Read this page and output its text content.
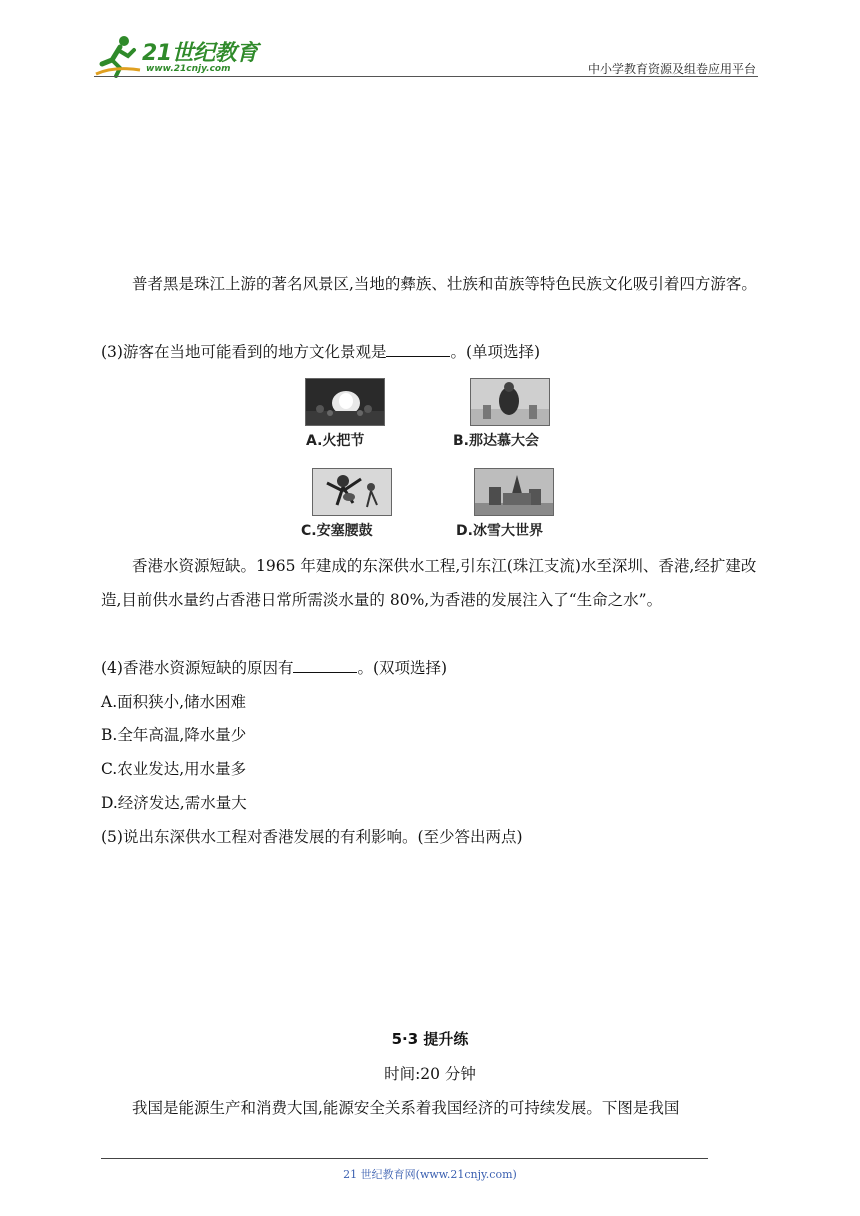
21世纪教育
www.21cnjy.com	中小学教育资源及组卷应用平台
普者黑是珠江上游的著名风景区,当地的彝族、壮族和苗族等特色民族文化吸引着四方游客。
(3)游客在当地可能看到的地方文化景观是	。(单项选择)
A.火把节	B.那达慕大会
C.安塞腰鼓	D.冰雪大世界
香港水资源短缺。1965 年建成的东深供水工程,引东江(珠江支流)水至深圳、香港,经扩建改造,目前供水量约占香港日常所需淡水量的 80%,为香港的发展注入了“生命之水”。
(4)香港水资源短缺的原因有	。(双项选择)
A.面积狭小,储水困难
B.全年高温,降水量少
C.农业发达,用水量多
D.经济发达,需水量大
(5)说出东深供水工程对香港发展的有利影响。(至少答出两点)
5·3 提升练
时间:20 分钟
我国是能源生产和消费大国,能源安全关系着我国经济的可持续发展。下图是我国
21 世纪教育网(www.21cnjy.com)
